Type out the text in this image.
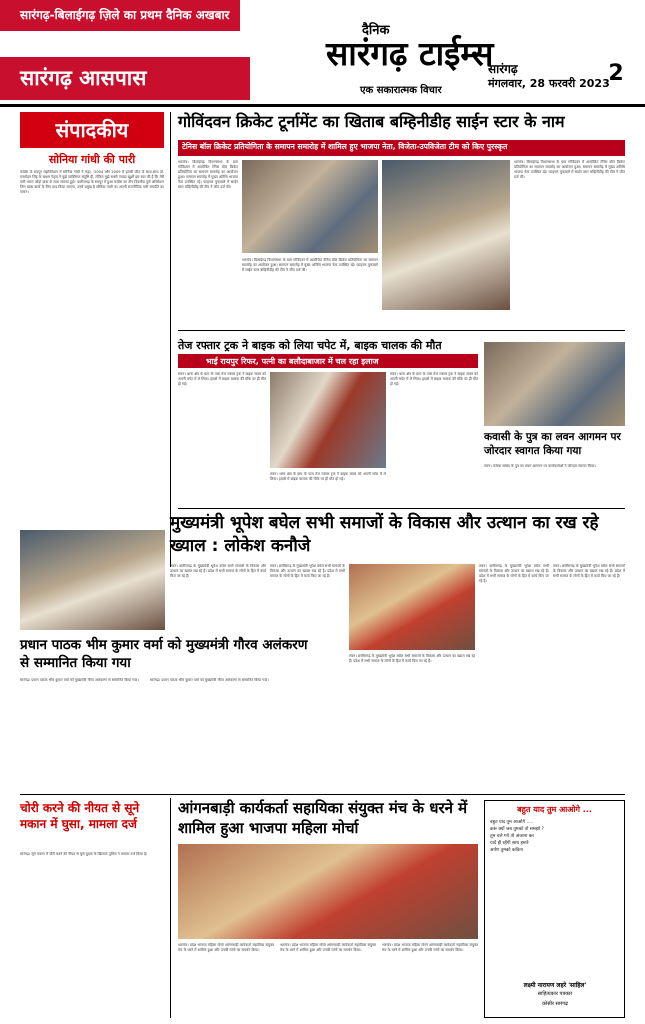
सारंगढ़-बिलाईगढ़ ज़िले का प्रथम दैनिक अखबार
सारंगढ़ आसपास
दैनिक
सारंगढ़ टाईम्स
एक सकारात्मक विचार
सारंगढ़
मंगलवार, 28 फरवरी 2023
2
संपादकीय
सोनिया गांधी की पारी
कांग्रेस के रायपुर महाधिवेशन में सोनिया गांधी ने कहा, '2004 और 2009 में हमारी जीत के साथ-साथ डॉ. मनमोहन सिंह के सक्षम नेतृत्व ने मुझे व्यक्तिगत संतुष्टि दी, लेकिन मुझे सबसे ज्यादा खुशी इस बात की है कि मेरी पारी भारत जोड़ो यात्रा के साथ समाप्त हुई।' छत्तीसगढ़ के रायपुर में हुआ कांग्रेस का तीन दिवसीय पूर्ण अधिवेशन जिन खास बातों के लिए याद किया जाएगा, उनमें प्रमुख है सोनिया गांधी का अपनी राजनीतिक पारी समाप्ति का एलान।
गोविंदवन क्रिकेट टूर्नामेंट का खिताब बम्हिनीडीह साईन स्टार के नाम
टेनिस बॉल क्रिकेट प्रतियोगिता के समापन समारोह में शामिल हुए भाजपा नेता, विजेता-उपविजेता टीम को किए पुरस्कृत
भटगांव। बिलाईगढ़ विधानसभा के ग्राम गोविंदवन में आयोजित टेनिस बॉल क्रिकेट प्रतियोगिता का समापन समारोह का आयोजन हुआ। समापन समारोह में मुख्य अतिथि भाजपा नेता उपस्थित रहे। फाइनल मुकाबले में साईन स्टार बम्हिनीडीह की टीम ने जीत दर्ज की।
भटगांव। बिलाईगढ़ विधानसभा के ग्राम गोविंदवन में आयोजित टेनिस बॉल क्रिकेट प्रतियोगिता का समापन समारोह का आयोजन हुआ। समापन समारोह में मुख्य अतिथि भाजपा नेता उपस्थित रहे। फाइनल मुकाबले में साईन स्टार बम्हिनीडीह की टीम ने जीत दर्ज की।
भटगांव। बिलाईगढ़ विधानसभा के ग्राम गोविंदवन में आयोजित टेनिस बॉल क्रिकेट प्रतियोगिता का समापन समारोह का आयोजन हुआ। समापन समारोह में मुख्य अतिथि भाजपा नेता उपस्थित रहे। फाइनल मुकाबले में साईन स्टार बम्हिनीडीह की टीम ने जीत दर्ज की।
तेज रफ्तार ट्रक ने बाइक को लिया चपेट में, बाइक चालक की मौत
भाई रायपुर रिफर, पत्नी का बलौदाबाजार में चल रहा इलाज
लवन। थाना क्षेत्र के ग्राम के पास तेज रफ्तार ट्रक ने बाइक सवार को अपनी चपेट में ले लिया। हादसे में बाइक चालक की मौके पर ही मौत हो गई।
लवन। थाना क्षेत्र के ग्राम के पास तेज रफ्तार ट्रक ने बाइक सवार को अपनी चपेट में ले लिया। हादसे में बाइक चालक की मौके पर ही मौत हो गई।
लवन। थाना क्षेत्र के ग्राम के पास तेज रफ्तार ट्रक ने बाइक सवार को अपनी चपेट में ले लिया। हादसे में बाइक चालक की मौके पर ही मौत हो गई।
कवासी के पुत्र का लवन आगमन पर जोरदार स्वागत किया गया
लवन। कोरबा सांसद के पुत्र का लवन आगमन पर कार्यकर्ताओं ने जोरदार स्वागत किया।
मुख्यमंत्री भूपेश बघेल सभी समाजों के विकास और उत्थान का रख रहे ख्याल : लोकेश कनौजे
लवन। छत्तीसगढ़ के मुख्यमंत्री भूपेश बघेल सभी समाजों के विकास और उत्थान का ख्याल रख रहे हैं। प्रदेश में सभी समाज के लोगों के हित में कार्य किए जा रहे हैं।
लवन। छत्तीसगढ़ के मुख्यमंत्री भूपेश बघेल सभी समाजों के विकास और उत्थान का ख्याल रख रहे हैं। प्रदेश में सभी समाज के लोगों के हित में कार्य किए जा रहे हैं।
लवन। छत्तीसगढ़ के मुख्यमंत्री भूपेश बघेल सभी समाजों के विकास और उत्थान का ख्याल रख रहे हैं। प्रदेश में सभी समाज के लोगों के हित में कार्य किए जा रहे हैं।
लवन। छत्तीसगढ़ के मुख्यमंत्री भूपेश बघेल सभी समाजों के विकास और उत्थान का ख्याल रख रहे हैं। प्रदेश में सभी समाज के लोगों के हित में कार्य किए जा रहे हैं।
लवन। छत्तीसगढ़ के मुख्यमंत्री भूपेश बघेल सभी समाजों के विकास और उत्थान का ख्याल रख रहे हैं। प्रदेश में सभी समाज के लोगों के हित में कार्य किए जा रहे हैं।
प्रधान पाठक भीम कुमार वर्मा को मुख्यमंत्री गौरव अलंकरण से सम्मानित किया गया
सारंगढ़। प्रधान पाठक भीम कुमार वर्मा को मुख्यमंत्री गौरव अलंकरण से सम्मानित किया गया।	सारंगढ़। प्रधान पाठक भीम कुमार वर्मा को मुख्यमंत्री गौरव अलंकरण से सम्मानित किया गया।
चोरी करने की नीयत से सूने मकान में घुसा, मामला दर्ज
सारंगढ़। सूने मकान में चोरी करने की नीयत से घुसे युवक के खिलाफ पुलिस ने मामला दर्ज किया है।
आंगनबाड़ी कार्यकर्ता सहायिका संयुक्त मंच के धरने में शामिल हुआ भाजपा महिला मोर्चा
भटगांव। प्रदेश भाजपा महिला मोर्चा आंगनबाड़ी कार्यकर्ता सहायिका संयुक्त मंच के धरने में शामिल हुआ और उनकी मांगों का समर्थन किया।
भटगांव। प्रदेश भाजपा महिला मोर्चा आंगनबाड़ी कार्यकर्ता सहायिका संयुक्त मंच के धरने में शामिल हुआ और उनकी मांगों का समर्थन किया।
भटगांव। प्रदेश भाजपा महिला मोर्चा आंगनबाड़ी कार्यकर्ता सहायिका संयुक्त मंच के धरने में शामिल हुआ और उनकी मांगों का समर्थन किया।
बहुत याद तुम आओगे ...
बहुत याद तुम आओगे .....
करूं क्यों जब तुमको तो समझो ?
तुम चले गये तो अंजाना कर
यादें ही रहेंगी साथ हमारे
अर्पण तुमको कविता
लक्ष्मी नारायण लहरे 'साहिल'
साहित्यकार पत्रकार
कोसीर सारंगढ़
